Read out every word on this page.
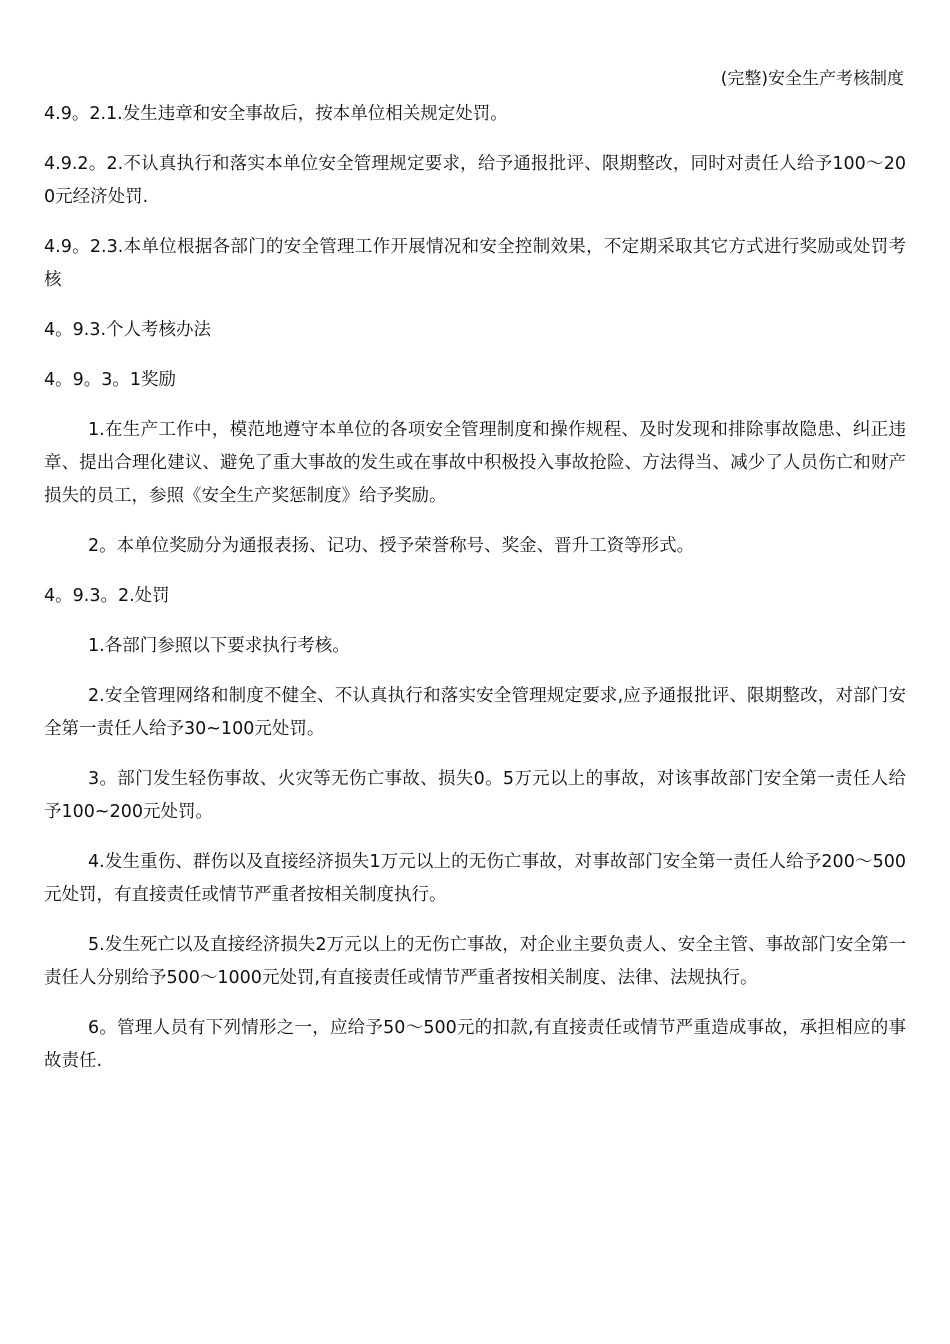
(完整)安全生产考核制度

4.9。2.1.发生违章和安全事故后，按本单位相关规定处罚。

4.9.2。2.不认真执行和落实本单位安全管理规定要求，给予通报批评、限期整改，同时对责任人给予100～200元经济处罚.

4.9。2.3.本单位根据各部门的安全管理工作开展情况和安全控制效果，不定期采取其它方式进行奖励或处罚考核

4。9.3.个人考核办法

4。9。3。1奖励

1.在生产工作中，模范地遵守本单位的各项安全管理制度和操作规程、及时发现和排除事故隐患、纠正违章、提出合理化建议、避免了重大事故的发生或在事故中积极投入事故抢险、方法得当、减少了人员伤亡和财产损失的员工，参照《安全生产奖惩制度》给予奖励。

2。本单位奖励分为通报表扬、记功、授予荣誉称号、奖金、晋升工资等形式。

4。9.3。2.处罚

1.各部门参照以下要求执行考核。

2.安全管理网络和制度不健全、不认真执行和落实安全管理规定要求,应予通报批评、限期整改，对部门安全第一责任人给予30~100元处罚。

3。部门发生轻伤事故、火灾等无伤亡事故、损失0。5万元以上的事故，对该事故部门安全第一责任人给予100~200元处罚。

4.发生重伤、群伤以及直接经济损失1万元以上的无伤亡事故，对事故部门安全第一责任人给予200～500元处罚，有直接责任或情节严重者按相关制度执行。

5.发生死亡以及直接经济损失2万元以上的无伤亡事故，对企业主要负责人、安全主管、事故部门安全第一责任人分别给予500～1000元处罚,有直接责任或情节严重者按相关制度、法律、法规执行。

6。管理人员有下列情形之一，应给予50～500元的扣款,有直接责任或情节严重造成事故，承担相应的事故责任.
